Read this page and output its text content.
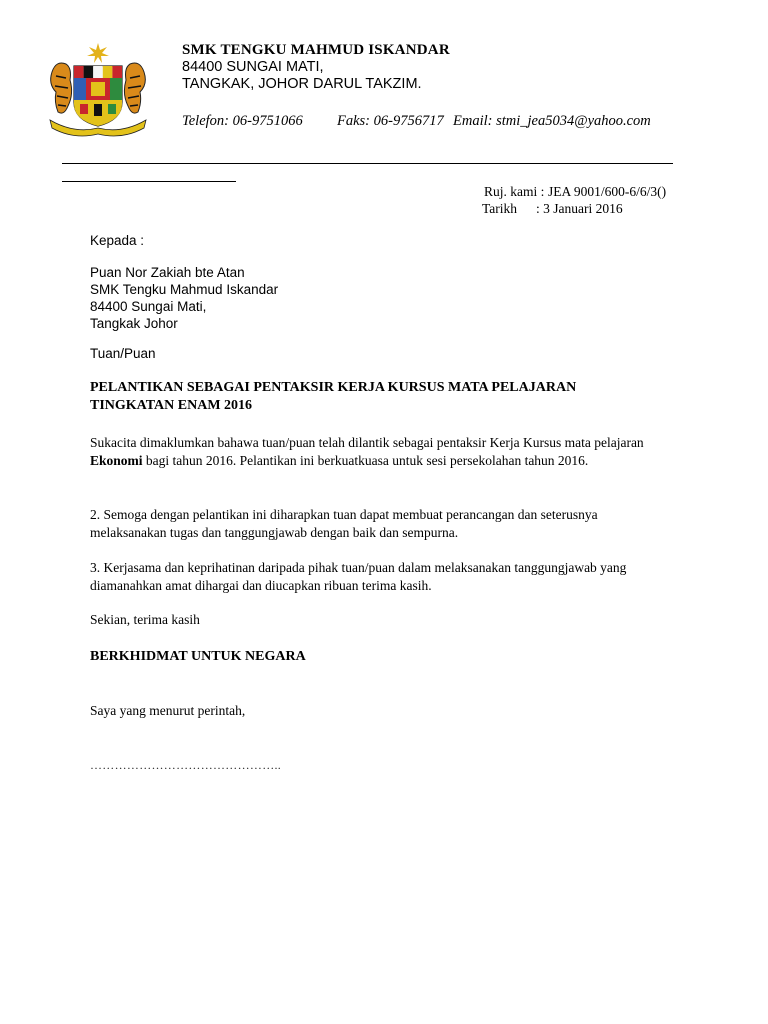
SMK TENGKU MAHMUD ISKANDAR
84400 SUNGAI MATI,
TANGKAK, JOHOR DARUL TAKZIM.
Telefon: 06-9751066 Faks: 06-9756717 Email: stmi_jea5034@yahoo.com
Ruj. kami : JEA 9001/600-6/6/3()
Tarikh : 3 Januari 2016
Kepada :
Puan Nor Zakiah bte Atan
SMK Tengku Mahmud Iskandar
84400 Sungai Mati,
Tangkak Johor
Tuan/Puan
PELANTIKAN SEBAGAI PENTAKSIR KERJA KURSUS MATA PELAJARAN
TINGKATAN ENAM 2016
Sukacita dimaklumkan bahawa tuan/puan telah dilantik sebagai pentaksir Kerja Kursus mata pelajaran Ekonomi bagi tahun 2016. Pelantikan ini berkuatkuasa untuk sesi persekolahan tahun 2016.
2. Semoga dengan pelantikan ini diharapkan tuan dapat membuat perancangan dan seterusnya melaksanakan tugas dan tanggungjawab dengan baik dan sempurna.
3. Kerjasama dan keprihatinan daripada pihak tuan/puan dalam melaksanakan tanggungjawab yang diamanahkan amat dihargai dan diucapkan ribuan terima kasih.
Sekian, terima kasih
BERKHIDMAT UNTUK NEGARA
Saya yang menurut perintah,
………………………………………..
